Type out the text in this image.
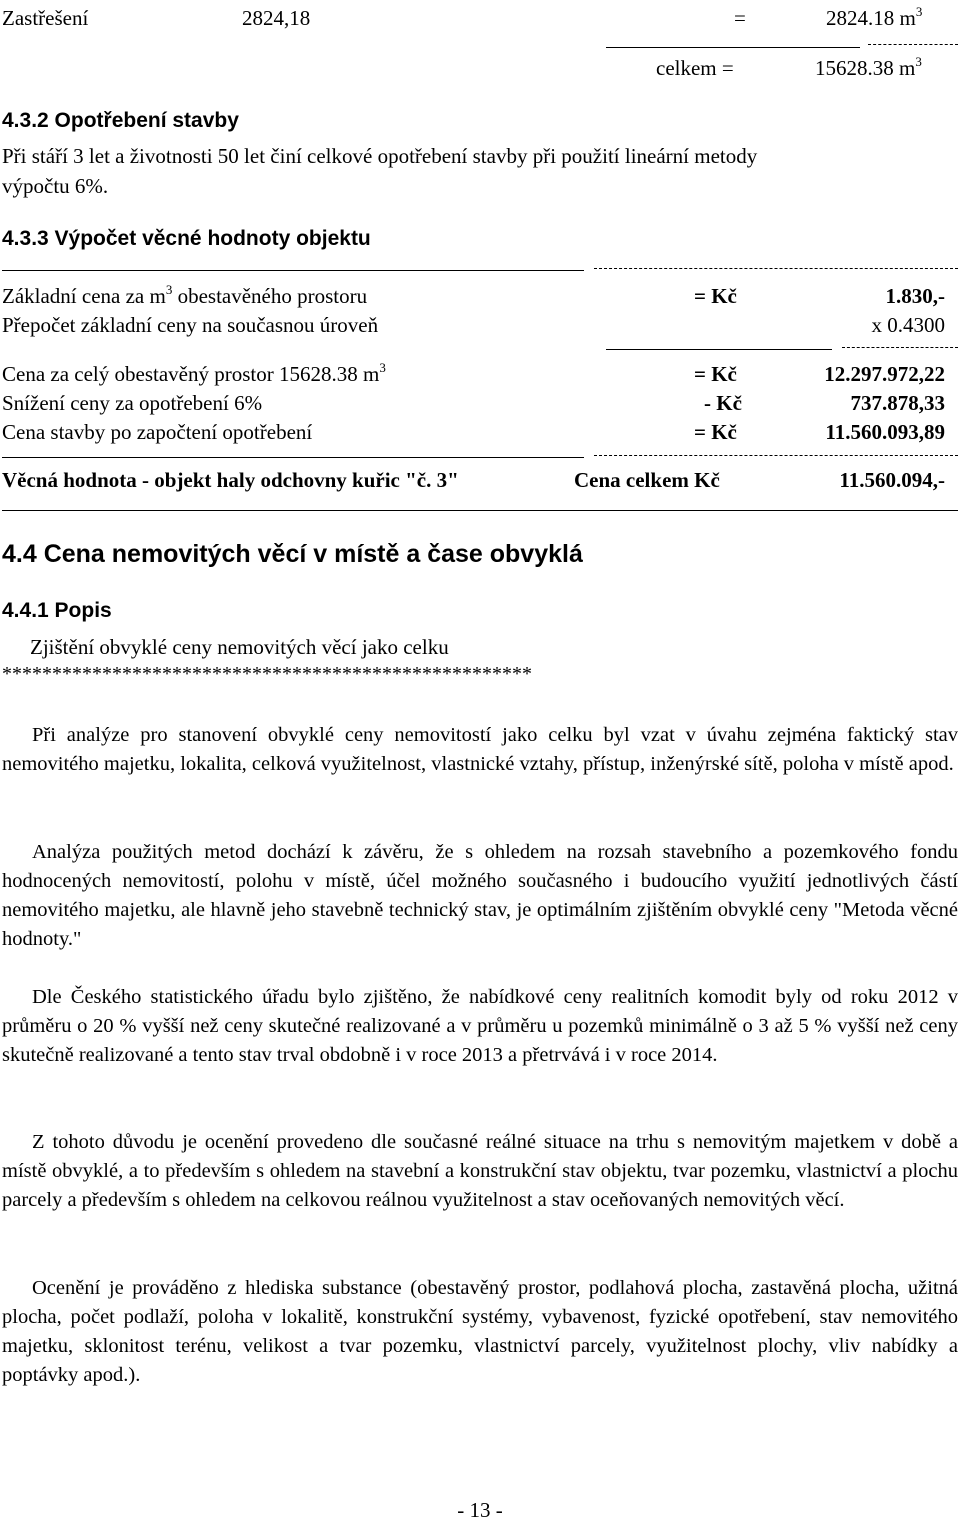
Zastřešení	2824,18	=	2824.18 $m^3$
celkem =	15628.38 $m^3$
4.3.2 Opotřebení stavby
Při stáří 3 let a životnosti 50 let činí celkové opotřebení stavby při použití lineární metody
výpočtu 6%.
4.3.3 Výpočet věcné hodnoty objektu
Základní cena za $m^3$ obestavěného prostoru	= Kč	1.830,-
Přepočet základní ceny na současnou úroveň	x 0.4300
Cena za celý obestavěný prostor 15628.38 $m^3$	= Kč	12.297.972,22
Snížení ceny za opotřebení 6%	- Kč	737.878,33
Cena stavby po započtení opotřebení	= Kč	11.560.093,89
Věcná hodnota - objekt haly odchovny kuřic "č. 3"	Cena celkem Kč	11.560.094,-
4.4 Cena nemovitých věcí v místě a čase obvyklá
4.4.1 Popis
Zjištění obvyklé ceny nemovitých věcí jako celku
*****************************************************
Při analýze pro stanovení obvyklé ceny nemovitostí jako celku byl vzat v úvahu zejména faktický stav nemovitého majetku, lokalita, celková využitelnost, vlastnické vztahy, přístup, inženýrské sítě, poloha v místě apod.
Analýza použitých metod dochází k závěru, že s ohledem na rozsah stavebního a pozemkového fondu hodnocených nemovitostí, polohu v místě, účel možného současného i budoucího využití jednotlivých částí nemovitého majetku, ale hlavně jeho stavebně technický stav, je optimálním zjištěním obvyklé ceny "Metoda věcné hodnoty."
Dle Českého statistického úřadu bylo zjištěno, že nabídkové ceny realitních komodit byly od roku 2012 v průměru o 20 % vyšší než ceny skutečné realizované a v průměru u pozemků minimálně o 3 až 5 % vyšší než ceny skutečně realizované a tento stav trval obdobně i v roce 2013 a přetrvává i v roce 2014.
Z tohoto důvodu je ocenění provedeno dle současné reálné situace na trhu s nemovitým majetkem v době a místě obvyklé, a to především s ohledem na stavební a konstrukční stav objektu, tvar pozemku, vlastnictví a plochu parcely a především s ohledem na celkovou reálnou využitelnost a stav oceňovaných nemovitých věcí.
Ocenění je prováděno z hlediska substance (obestavěný prostor, podlahová plocha, zastavěná plocha, užitná plocha, počet podlaží, poloha v lokalitě, konstrukční systémy, vybavenost, fyzické opotřebení, stav nemovitého majetku, sklonitost terénu, velikost a tvar pozemku, vlastnictví parcely, využitelnost plochy, vliv nabídky a poptávky apod.).
- 13 -
